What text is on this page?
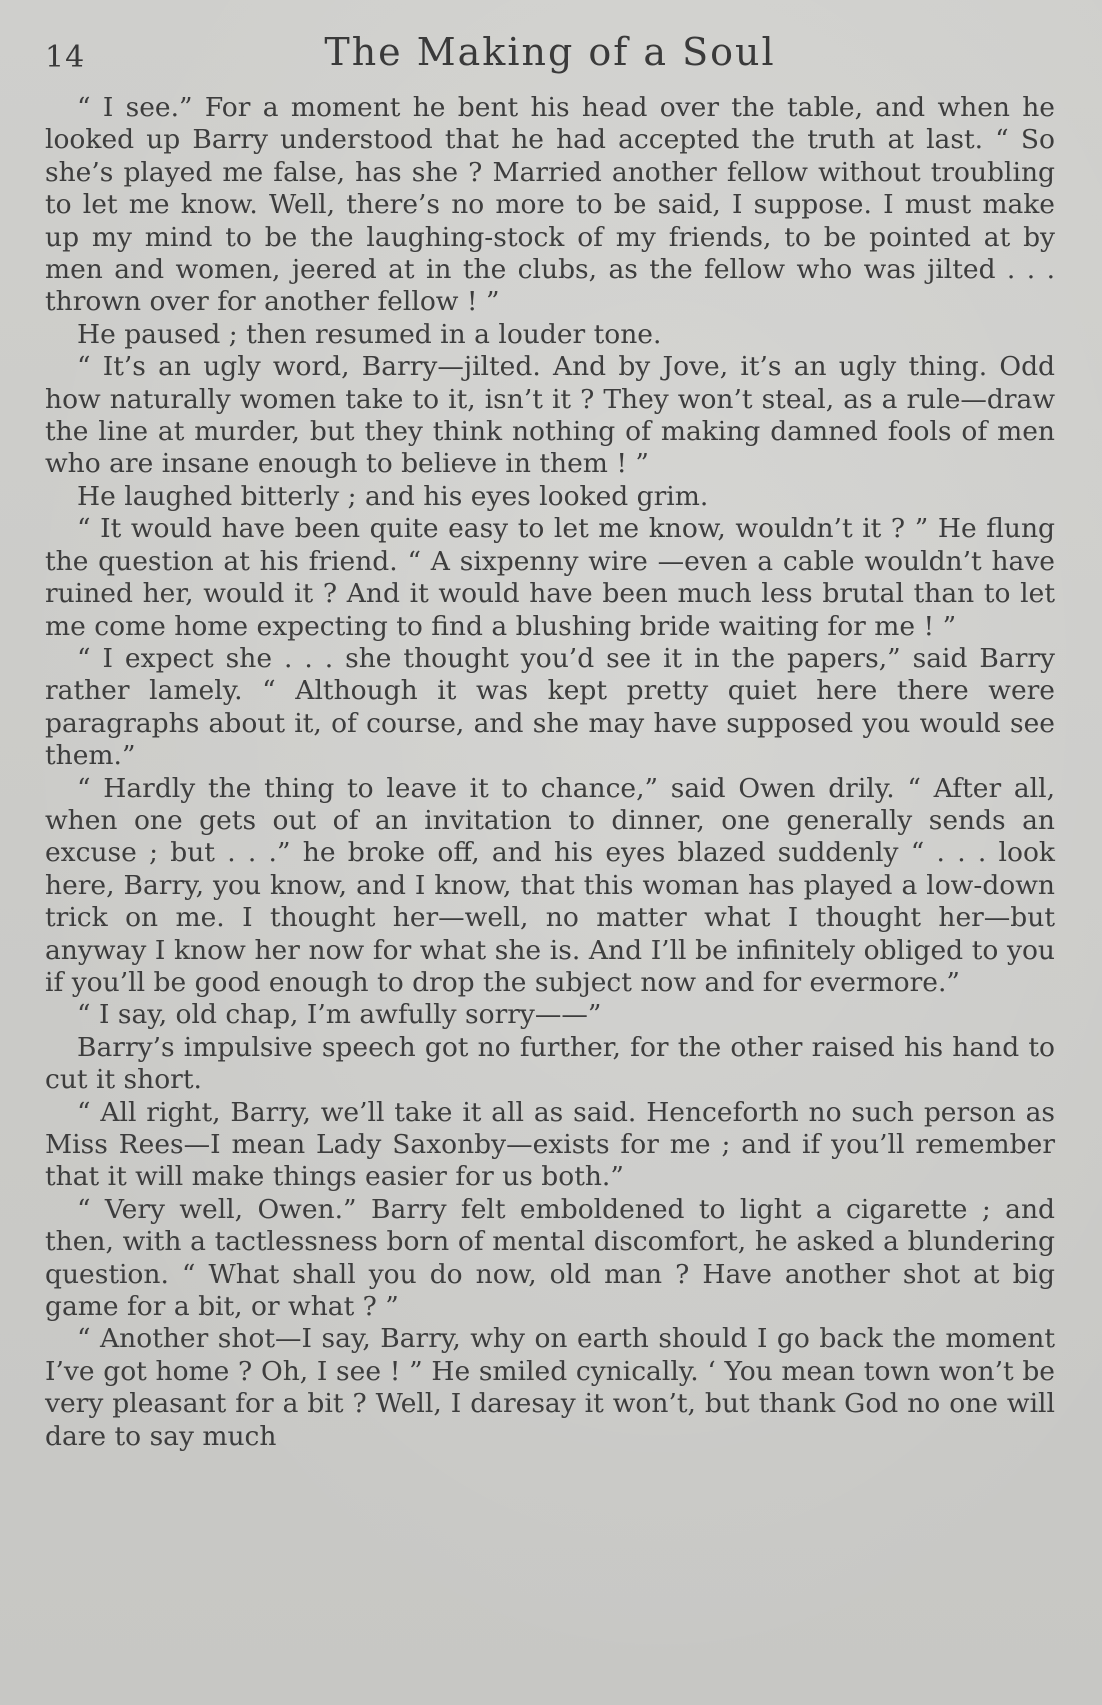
14	The Making of a Soul

“ I see.” For a moment he bent his head over the table, and when he looked up Barry understood that he had accepted the truth at last. “ So she’s played me false, has she ? Married another fellow without troubling to let me know. Well, there’s no more to be said, I suppose. I must make up my mind to be the laughing-stock of my friends, to be pointed at by men and women, jeered at in the clubs, as the fellow who was jilted . . . thrown over for another fellow ! ”

He paused ; then resumed in a louder tone.

“ It’s an ugly word, Barry—jilted. And by Jove, it’s an ugly thing. Odd how naturally women take to it, isn’t it ? They won’t steal, as a rule—draw the line at murder, but they think nothing of making damned fools of men who are insane enough to believe in them ! ”

He laughed bitterly ; and his eyes looked grim.

“ It would have been quite easy to let me know, wouldn’t it ? ” He flung the question at his friend. “ A sixpenny wire —even a cable wouldn’t have ruined her, would it ? And it would have been much less brutal than to let me come home expecting to find a blushing bride waiting for me ! ”

“ I expect she . . . she thought you’d see it in the papers,” said Barry rather lamely. “ Although it was kept pretty quiet here there were paragraphs about it, of course, and she may have supposed you would see them.”

“ Hardly the thing to leave it to chance,” said Owen drily. “ After all, when one gets out of an invitation to dinner, one generally sends an excuse ; but . . .” he broke off, and his eyes blazed suddenly “ . . . look here, Barry, you know, and I know, that this woman has played a low-down trick on me. I thought her—well, no matter what I thought her—but anyway I know her now for what she is. And I’ll be infinitely obliged to you if you’ll be good enough to drop the subject now and for evermore.”

“ I say, old chap, I’m awfully sorry——”

Barry’s impulsive speech got no further, for the other raised his hand to cut it short.

“ All right, Barry, we’ll take it all as said. Henceforth no such person as Miss Rees—I mean Lady Saxonby—exists for me ; and if you’ll remember that it will make things easier for us both.”

“ Very well, Owen.” Barry felt emboldened to light a cigarette ; and then, with a tactlessness born of mental discomfort, he asked a blundering question. “ What shall you do now, old man ? Have another shot at big game for a bit, or what ? ”

“ Another shot—I say, Barry, why on earth should I go back the moment I’ve got home ? Oh, I see ! ” He smiled cynically. ‘ You mean town won’t be very pleasant for a bit ? Well, I daresay it won’t, but thank God no one will dare to say much
